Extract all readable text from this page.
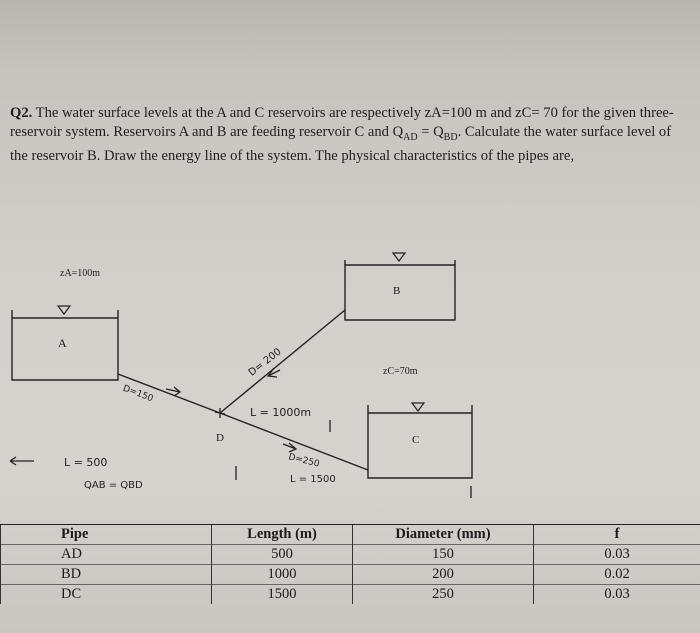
Q2. The water surface levels at the A and C reservoirs are respectively zA=100 m and zC= 70 for the given three-reservoir system. Reservoirs A and B are feeding reservoir C and $Q_{AD} = Q_{BD}$. Calculate the water surface level of the reservoir B. Draw the energy line of the system. The physical characteristics of the pipes are,
zA=100m
zC=70m
A
B
C
D
D=150
L = 500
QAB = QBD
D= 200
L = 1000m
D=250
L = 1500
Pipe	Length (m)	Diameter (mm)	f
AD	500	150	0.03
BD	1000	200	0.02
DC	1500	250	0.03
